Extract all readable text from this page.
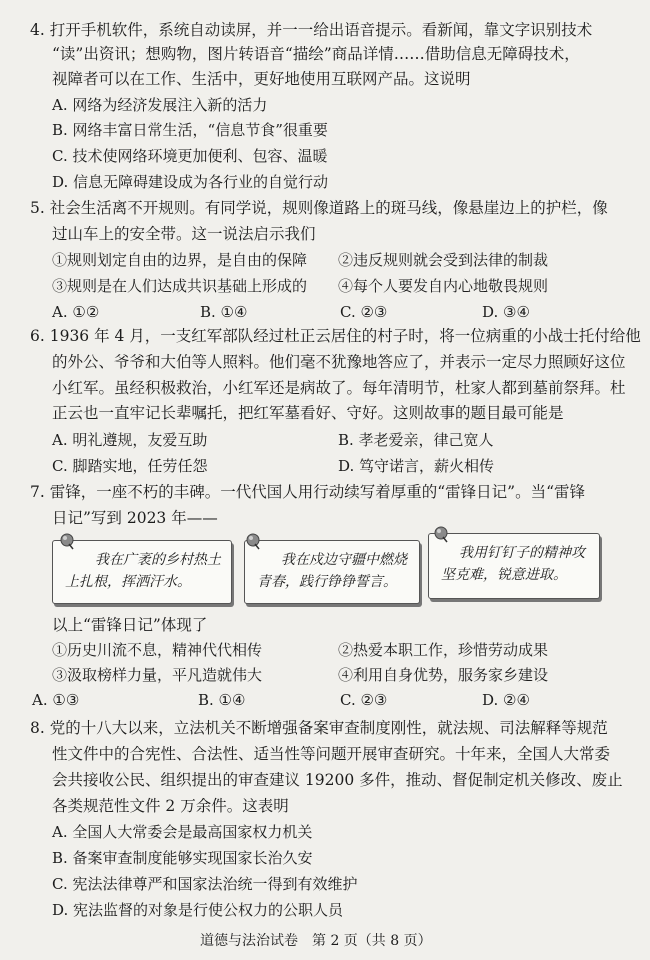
4. 打开手机软件，系统自动读屏，并一一给出语音提示。看新闻，靠文字识别技术
“读”出资讯；想购物，图片转语音“描绘”商品详情……借助信息无障碍技术，
视障者可以在工作、生活中，更好地使用互联网产品。这说明
A. 网络为经济发展注入新的活力
B. 网络丰富日常生活，“信息节食”很重要
C. 技术使网络环境更加便利、包容、温暖
D. 信息无障碍建设成为各行业的自觉行动
5. 社会生活离不开规则。有同学说，规则像道路上的斑马线，像悬崖边上的护栏，像
过山车上的安全带。这一说法启示我们
①规则划定自由的边界，是自由的保障 ②违反规则就会受到法律的制裁
③规则是在人们达成共识基础上形成的 ④每个人要发自内心地敬畏规则
A. ①②	B. ①④	C. ②③	D. ③④
6. 1936 年 4 月，一支红军部队经过杜正云居住的村子时，将一位病重的小战士托付给他
的外公、爷爷和大伯等人照料。他们毫不犹豫地答应了，并表示一定尽力照顾好这位
小红军。虽经积极救治，小红军还是病故了。每年清明节，杜家人都到墓前祭拜。杜
正云也一直牢记长辈嘱托，把红军墓看好、守好。这则故事的题目最可能是
A. 明礼遵规，友爱互助	B. 孝老爱亲，律己宽人
C. 脚踏实地，任劳任怨	D. 笃守诺言，薪火相传
7. 雷锋，一座不朽的丰碑。一代代国人用行动续写着厚重的“雷锋日记”。当“雷锋
日记”写到 2023 年——
我在广袤的乡村热土
上扎根，挥洒汗水。
我在戍边守疆中燃烧
青春，践行铮铮誓言。
我用钉钉子的精神攻
坚克难，锐意进取。
以上“雷锋日记”体现了
①历史川流不息，精神代代相传	②热爱本职工作，珍惜劳动成果
③汲取榜样力量，平凡造就伟大	④利用自身优势，服务家乡建设
A. ①③	B. ①④	C. ②③	D. ②④
8. 党的十八大以来，立法机关不断增强备案审查制度刚性，就法规、司法解释等规范
性文件中的合宪性、合法性、适当性等问题开展审查研究。十年来，全国人大常委
会共接收公民、组织提出的审查建议 19200 多件，推动、督促制定机关修改、废止
各类规范性文件 2 万余件。这表明
A. 全国人大常委会是最高国家权力机关
B. 备案审查制度能够实现国家长治久安
C. 宪法法律尊严和国家法治统一得到有效维护
D. 宪法监督的对象是行使公权力的公职人员
道德与法治试卷　第 2 页（共 8 页）
